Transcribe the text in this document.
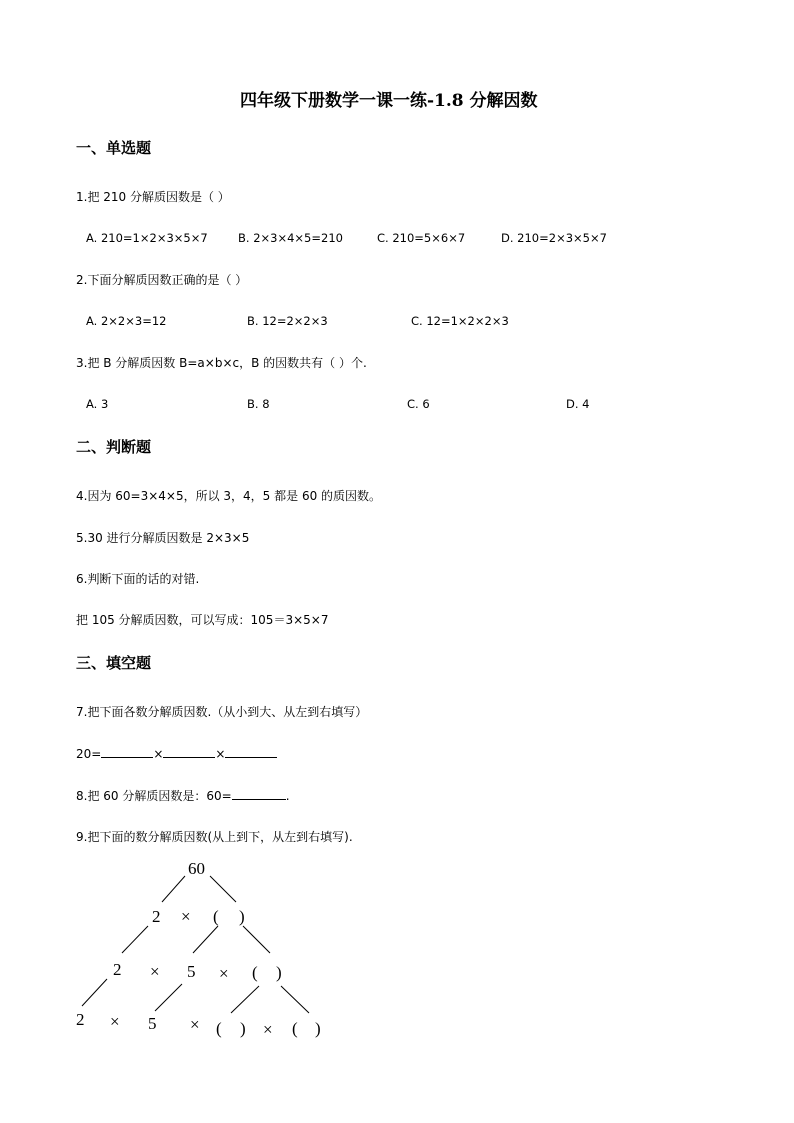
四年级下册数学一课一练-1.8 分解因数
一、单选题
1.把 210 分解质因数是（ ）
A. 210=1×2×3×5×7	B. 2×3×4×5=210	C. 210=5×6×7	D. 210=2×3×5×7
2.下面分解质因数正确的是（ ）
A. 2×2×3=12	B. 12=2×2×3	C. 12=1×2×2×3
3.把 B 分解质因数 B=a×b×c，B 的因数共有（ ）个.
A. 3	B. 8	C. 6	D. 4
二、判断题
4.因为 60=3×4×5，所以 3，4，5 都是 60 的质因数。
5.30 进行分解质因数是 2×3×5
6.判断下面的话的对错.
把 105 分解质因数，可以写成：105＝3×5×7
三、填空题
7.把下面各数分解质因数.（从小到大、从左到右填写）
20=	×	×
8.把 60 分解质因数是：60=	.
9.把下面的数分解质因数(从上到下，从左到右填写).
60
2 × ( )
2 × 5 × ( )
2 × 5 × ( ) × ( )
